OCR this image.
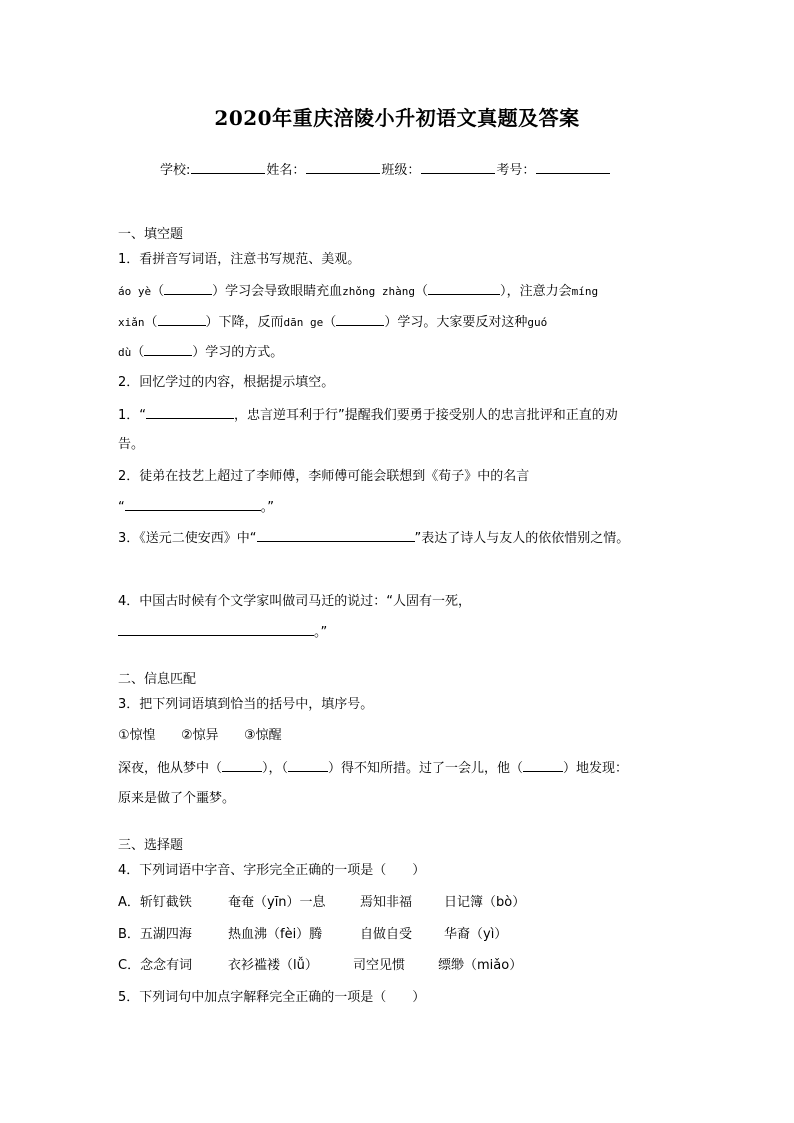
2020年重庆涪陵小升初语文真题及答案
学校:	姓名：	班级：	考号：
一、填空题
1．看拼音写词语，注意书写规范、美观。
áo yè（	）学习会导致眼睛充血zhǒng zhàng（	），注意力会míng
xiǎn（	）下降，反而dān ge（	）学习。大家要反对这种guó
dù（	）学习的方式。
2．回忆学过的内容，根据提示填空。
1．“	，忠言逆耳利于行”提醒我们要勇于接受别人的忠言批评和正直的劝
告。
2．徒弟在技艺上超过了李师傅，李师傅可能会联想到《荀子》中的名言
“	。”
3．《送元二使安西》中“	”表达了诗人与友人的依依惜别之情。
4．中国古时候有个文学家叫做司马迁的说过：“人固有一死，
。”
二、信息匹配
3．把下列词语填到恰当的括号中，填序号。
①惊惶 ②惊异 ③惊醒
深夜，他从梦中（	），（	）得不知所措。过了一会儿，他（	）地发现：
原来是做了个噩梦。
三、选择题
4．下列词语中字音、字形完全正确的一项是（　　）
A．斩钉截铁	奄奄（yīn）一息	焉知非福 日记簿（bò）
B．五湖四海	热血沸（fèi）腾	自做自受 华裔（yì）
C．念念有词	衣衫褴褛（lǚ）	司空见惯	缥缈（miǎo）
5．下列词句中加点字解释完全正确的一项是（　　）
